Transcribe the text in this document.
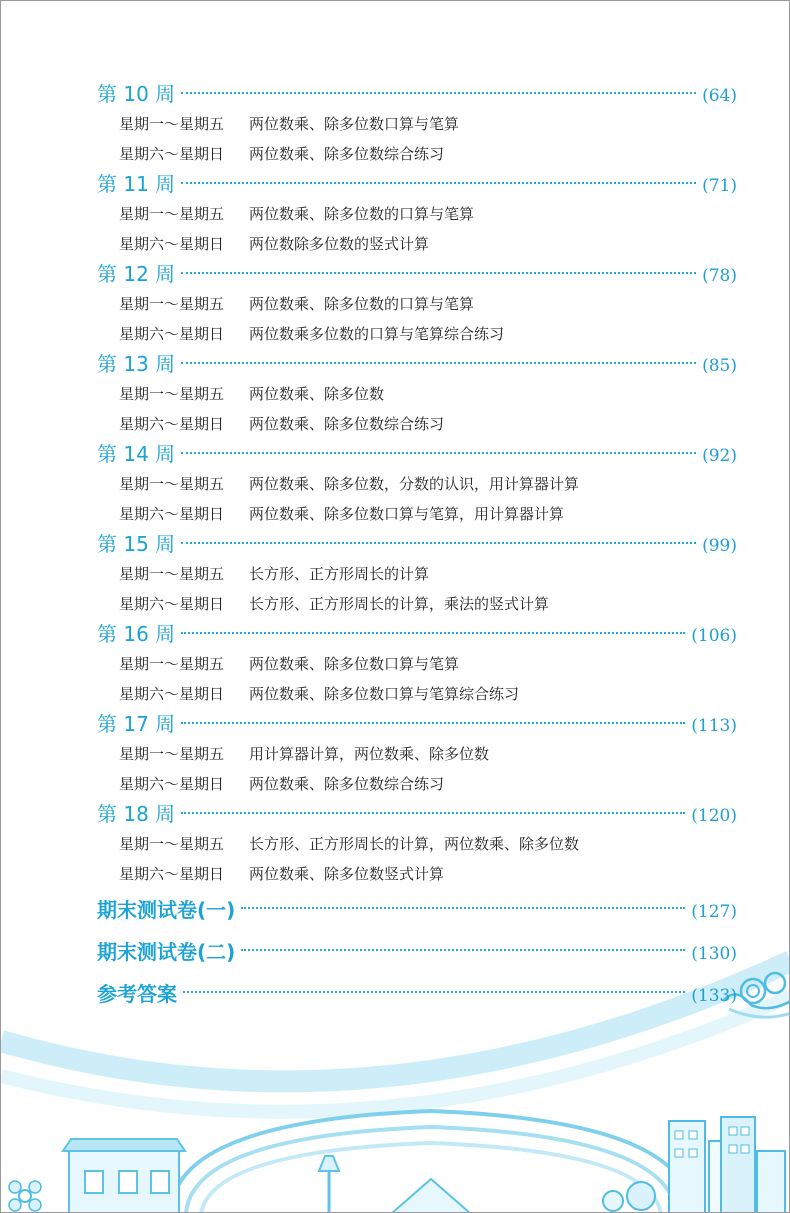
第 10 周	(64)
星期一～星期五	两位数乘、除多位数口算与笔算
星期六～星期日	两位数乘、除多位数综合练习
第 11 周	(71)
星期一～星期五	两位数乘、除多位数的口算与笔算
星期六～星期日	两位数除多位数的竖式计算
第 12 周	(78)
星期一～星期五	两位数乘、除多位数的口算与笔算
星期六～星期日	两位数乘多位数的口算与笔算综合练习
第 13 周	(85)
星期一～星期五	两位数乘、除多位数
星期六～星期日	两位数乘、除多位数综合练习
第 14 周	(92)
星期一～星期五	两位数乘、除多位数，分数的认识，用计算器计算
星期六～星期日	两位数乘、除多位数口算与笔算，用计算器计算
第 15 周	(99)
星期一～星期五	长方形、正方形周长的计算
星期六～星期日	长方形、正方形周长的计算，乘法的竖式计算
第 16 周	(106)
星期一～星期五	两位数乘、除多位数口算与笔算
星期六～星期日	两位数乘、除多位数口算与笔算综合练习
第 17 周	(113)
星期一～星期五	用计算器计算，两位数乘、除多位数
星期六～星期日	两位数乘、除多位数综合练习
第 18 周	(120)
星期一～星期五	长方形、正方形周长的计算，两位数乘、除多位数
星期六～星期日	两位数乘、除多位数竖式计算
期末测试卷(一)	(127)
期末测试卷(二)	(130)
参考答案	(133)
